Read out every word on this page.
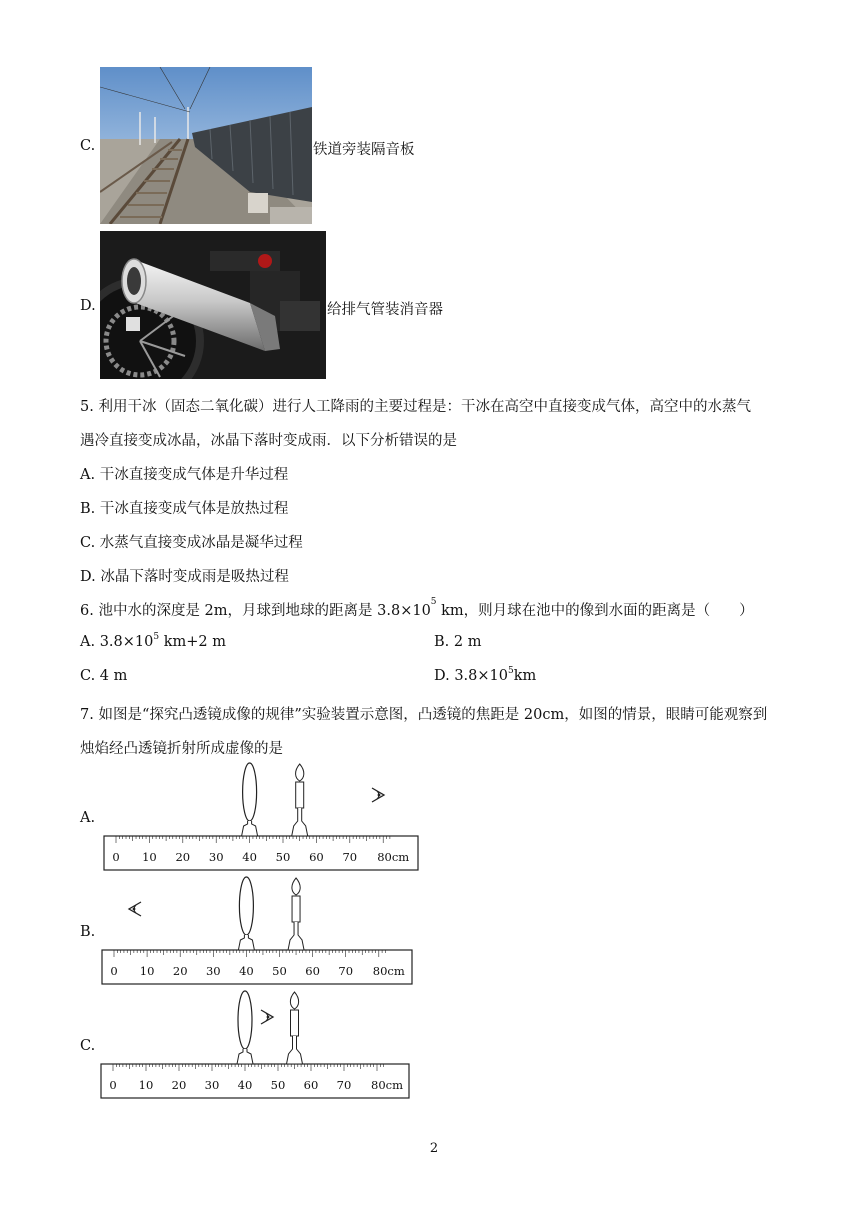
C.	铁道旁装隔音板
D.	给排气管装消音器
5. 利用干冰（固态二氧化碳）进行人工降雨的主要过程是：干冰在高空中直接变成气体，高空中的水蒸气
遇冷直接变成冰晶，冰晶下落时变成雨．以下分析错误的是
A. 干冰直接变成气体是升华过程
B. 干冰直接变成气体是放热过程
C. 水蒸气直接变成冰晶是凝华过程
D. 冰晶下落时变成雨是吸热过程
6. 池中水的深度是 2m，月球到地球的距离是 $3.8\times 10^5$ km，则月球在池中的像到水面的距离是（　　）
A. $3.8\times 10^5$ km+2 m	B. 2 m
C. 4 m	D. $3.8\times 10^5km$
7. 如图是“探究凸透镜成像的规律”实验装置示意图，凸透镜的焦距是 20cm，如图的情景，眼睛可能观察到
烛焰经凸透镜折射所成虚像的是
A.
B.
C.
0 10 20 30 40 50 60 70 80cm
0 10 20 30 40 50 60 70 80cm
0 10 20 30 40 50 60 70 80cm
2
